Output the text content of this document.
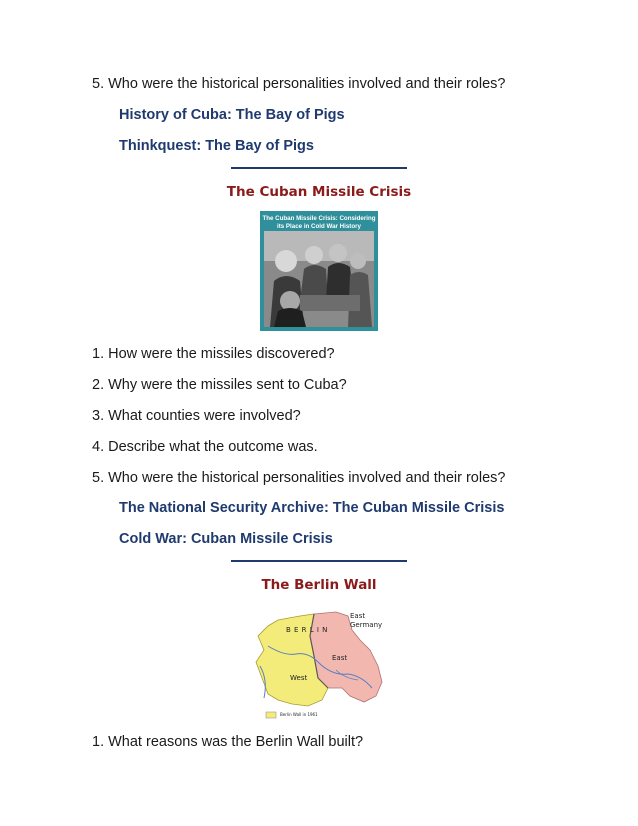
5. Who were the historical personalities involved and their roles?
History of Cuba: The Bay of Pigs
Thinkquest: The Bay of Pigs
The Cuban Missile Crisis
The Cuban Missile Crisis: Considering
its Place in Cold War History
1. How were the missiles discovered?
2. Why were the missiles sent to Cuba?
3. What counties were involved?
4. Describe what the outcome was.
5. Who were the historical personalities involved and their roles?
The National Security Archive: The Cuban Missile Crisis
Cold War: Cuban Missile Crisis
The Berlin Wall
B E R L I N
East
Germany
East
West
Berlin Wall in 1961
1. What reasons was the Berlin Wall built?
